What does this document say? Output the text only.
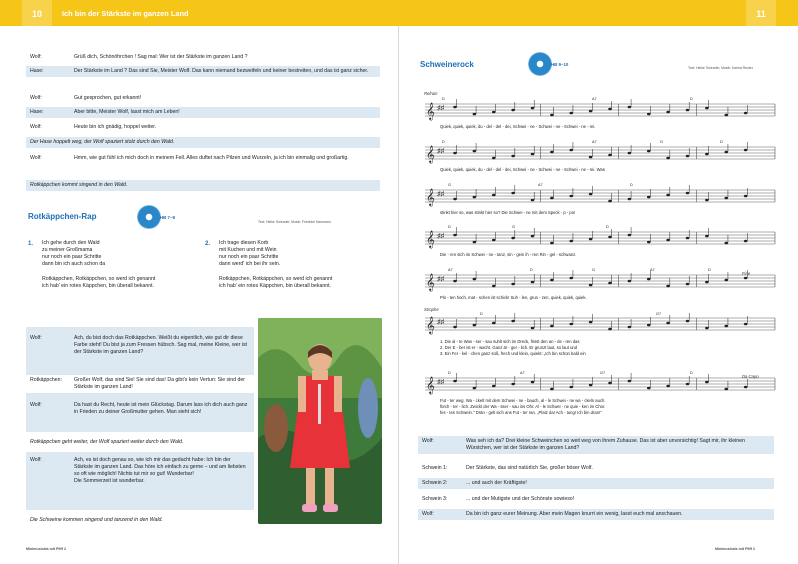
10	Ich bin der Stärkste im ganzen Land	11
Wolf:	Grüß dich, Schönöhrchen ! Sag mal: Wer ist der Stärkste im ganzen Land ?
Hase:	Der Stärkste im Land ? Das sind Sie, Meister Wolf. Das kann niemand bezweifeln und keiner bestreiten, und das ist ganz sicher.
Wolf:	Gut gesprochen, gut erkannt!
Hase:	Aber bitte, Meister Wolf, lasst mich am Leben!
Wolf:	Heute bin ich gnädig, hoppel weiter.
Der Hase hoppelt weg, der Wolf spaziert stolz durch den Wald.
Wolf:	Hmm, wie gut fühl ich mich doch in meinem Fell. Alles duftet nach Pilzen und Wurzeln, ja ich bin einmalig und großartig.
Rotkäppchen kommt singend in den Wald.
Rotkäppchen-Rap	HB 7–8
Text: Heike Schrader, Musik: Friedrich Neumann
1. Ich gehe durch den Wald
zu meiner Großmama
nur noch ein paar Schritte
dann bin ich auch schon da
Rotkäppchen, Rotkäppchen, so werd ich genannt
ich hab' ein rotes Käppchen, bin überall bekannt.
2. Ich trage diesen Korb
mit Kuchen und mit Wein
nur noch ein paar Schritte
dann werd' ich bei ihr sein.
Rotkäppchen, Rotkäppchen, so werd ich genannt
ich hab' ein rotes Käppchen, bin überall bekannt.
Wolf:	Ach, du bist doch das Rotkäppchen. Weißt du eigentlich, wie gut dir diese Farbe steht! Du bist ja zum Fressen hübsch. Sag mal, meine Kleine, wer ist der Stärkste im ganzen Land?
Rotkäppchen:	Großer Wolf, das sind Sie! Sie sind das! Da gibt's kein Vertun: Sie sind der Stärkste im ganzen Land!
Wolf:	Da hast du Recht, heute ist mein Glückstag. Darum lass ich dich auch ganz in Frieden zu deiner Großmutter gehen. Man sieht sich!
Rotkäppchen geht weiter, der Wolf spaziert weiter durch den Wald.
Wolf:	Ach, es ist doch genau so, wie ich mir das gedacht habe: Ich bin der Stärkste im ganzen Land. Das höre ich einfach zu gerne – und am liebsten so oft wie möglich! Nichts tut mir so gut! Wunderbar!
Die Sommerzeit ist wunderbar.
Die Schweine kommen singend und tanzend in den Wald.
Minimusicals mit Pfiff 2
Schweinerock	HB 9–10
Text: Heike Schrader, Musik: Karina Reuter
Refrain
Fine
Strophe
Da Capo
𝄞 ♯♯
𝄞 ♯♯
𝄞 ♯♯
𝄞 ♯♯
𝄞 ♯♯
𝄞 ♯♯
𝄞 ♯♯
Quiek, quiek, quiek, du - del - del - dei, Schwei - ne - Schwei - ne - Schwei - ne - rei.
Quiek, quiek, quiek, du - del - del - dei, Schwei - ne - Schwei - ne - Schwei - ne - rei. Was
stinkt hier so, was stinkt hier so? Die Schwei - ne mit dem Speck - p - po!
Die - ren sich im Schwei - ne - tanz, sin - gein ih - ren Rin - gel - schwanz.
Plo - ten hoch, mat - schen ist schick! Suh - len, grun - zen, quiek, quiek, quiek.
1. Die al - te Was - ser - sau suhlt sich im Dreck, frisst den an - de - ren das
2. Der E - ber ist er - wacht. Ganz är - ger - lich. Er grunzt laut, so laut und
3. Ein Fer - kel - chen ganz süß, frech und klein, quiekt: „Ich bin schon bald ein
Fut - ter weg. Wa - ckelt mit dem Schwei - ne - bauch, al - le Schwei - ne wa - ckeln auch.
fürch - ter - lich. Zwickt der Wa - sser - sau ins Ohr. Al - le Schwei - ne quie - ken im Chor.
fes - tes Schwein." Drän - gelt sich ans Fut - ter ran. „Platz da! Ach - tung! Ich bin dran!"
D	A7	D
D	A7	G	D
G	A7	D
D	G	D
A7	D	G	A7	D
D	G7
D	A7	G7	D
Wolf:	Was seh ich da? Drei kleine Schweinchen so weit weg von ihrem Zuhause. Das ist aber unvorsichtig! Sagt mir, ihr kleinen Würstchen, wer ist der Stärkste im ganzen Land?
Schwein 1:	Der Stärkste, das sind natürlich Sie, großer böser Wolf.
Schwein 2:	... und auch der Kräftigste!
Schwein 3:	... und der Mutigste und der Schönste sowieso!
Wolf:	Da bin ich ganz eurer Meinung. Aber mein Magen knurrt ein wenig, lasst euch mal anschauen.
Minimusicals mit Pfiff 2
